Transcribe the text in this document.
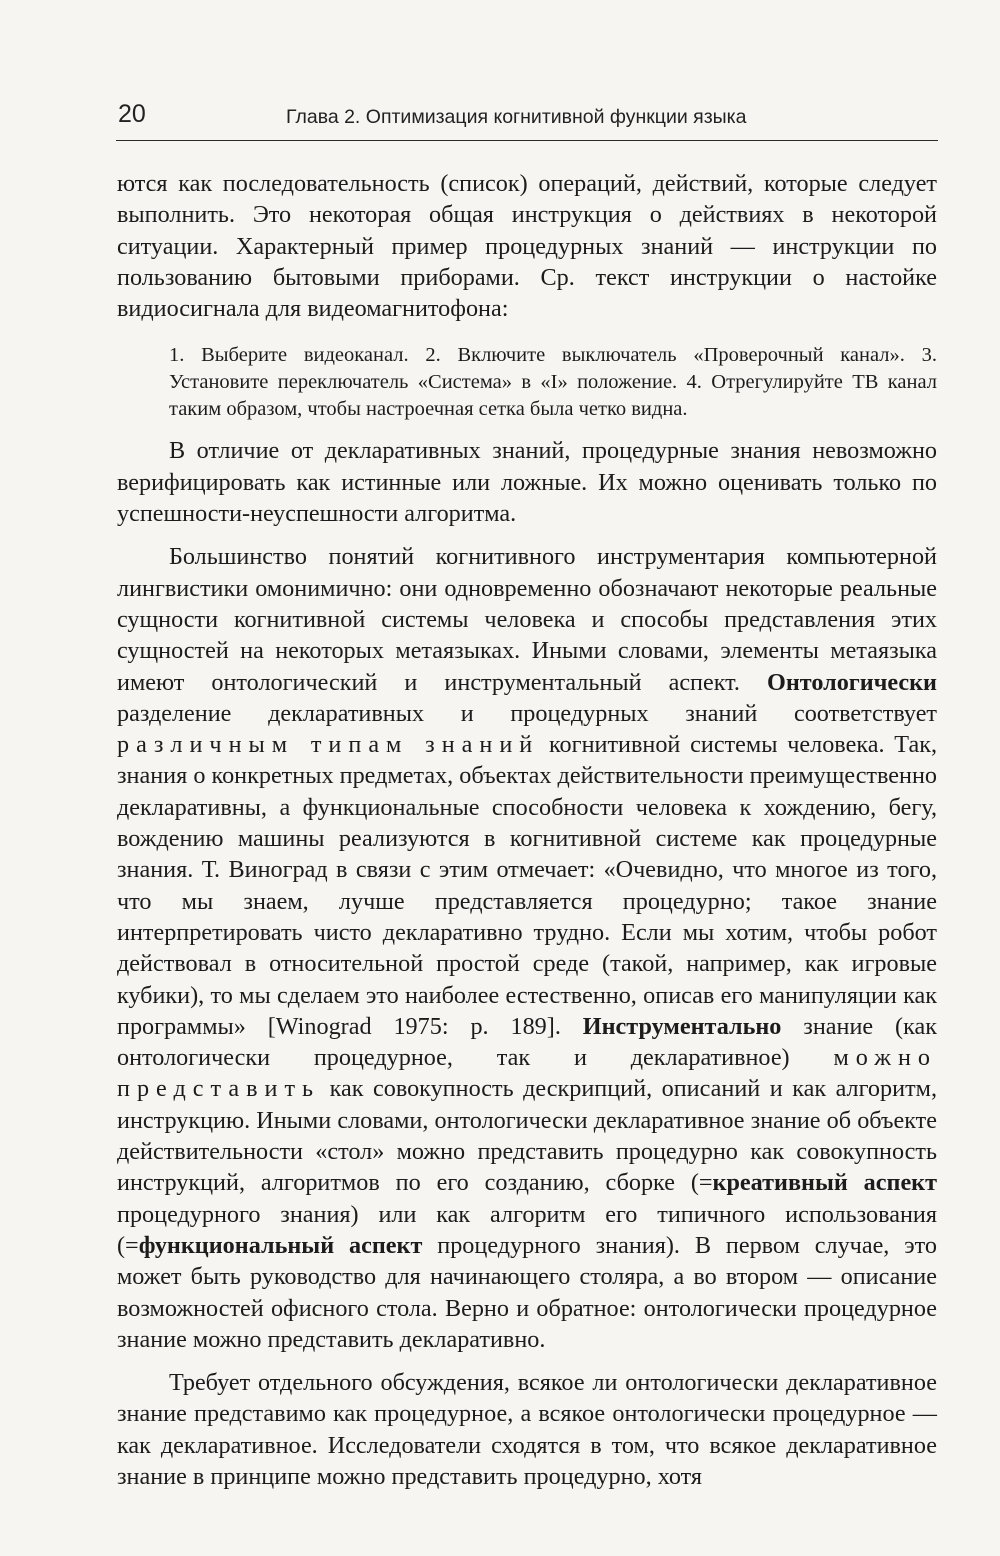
20	Глава 2. Оптимизация когнитивной функции языка

ются как последовательность (список) операций, действий, которые следует выполнить. Это некоторая общая инструкция о действиях в некоторой ситуации. Характерный пример процедурных знаний — инструкции по пользованию бытовыми приборами. Ср. текст инструкции о настойке видиосигнала для видеомагнитофона:

1. Выберите видеоканал. 2. Включите выключатель «Проверочный канал». 3. Установите переключатель «Система» в «I» положение. 4. Отрегулируйте ТВ канал таким образом, чтобы настроечная сетка была четко видна.

В отличие от декларативных знаний, процедурные знания невозможно верифицировать как истинные или ложные. Их можно оценивать только по успешности-неуспешности алгоритма.

Большинство понятий когнитивного инструментария компьютерной лингвистики омонимично: они одновременно обозначают некоторые реальные сущности когнитивной системы человека и способы представления этих сущностей на некоторых метаязыках. Иными словами, элементы метаязыка имеют онтологический и инструментальный аспект. Онтологически разделение декларативных и процедурных знаний соответствует различным типам знаний когнитивной системы человека. Так, знания о конкретных предметах, объектах действительности преимущественно декларативны, а функциональные способности человека к хождению, бегу, вождению машины реализуются в когнитивной системе как процедурные знания. Т. Виноград в связи с этим отмечает: «Очевидно, что многое из того, что мы знаем, лучше представляется процедурно; такое знание интерпретировать чисто декларативно трудно. Если мы хотим, чтобы робот действовал в относительной простой среде (такой, например, как игровые кубики), то мы сделаем это наиболее естественно, описав его манипуляции как программы» [Winograd 1975: p. 189]. Инструментально знание (как онтологически процедурное, так и декларативное) можно представить как совокупность дескрипций, описаний и как алгоритм, инструкцию. Иными словами, онтологически декларативное знание об объекте действительности «стол» можно представить процедурно как совокупность инструкций, алгоритмов по его созданию, сборке (=креативный аспект процедурного знания) или как алгоритм его типичного использования (=функциональный аспект процедурного знания). В первом случае, это может быть руководство для начинающего столяра, а во втором — описание возможностей офисного стола. Верно и обратное: онтологически процедурное знание можно представить декларативно.

Требует отдельного обсуждения, всякое ли онтологически декларативное знание представимо как процедурное, а всякое онтологически процедурное — как декларативное. Исследователи сходятся в том, что всякое декларативное знание в принципе можно представить процедурно, хотя
